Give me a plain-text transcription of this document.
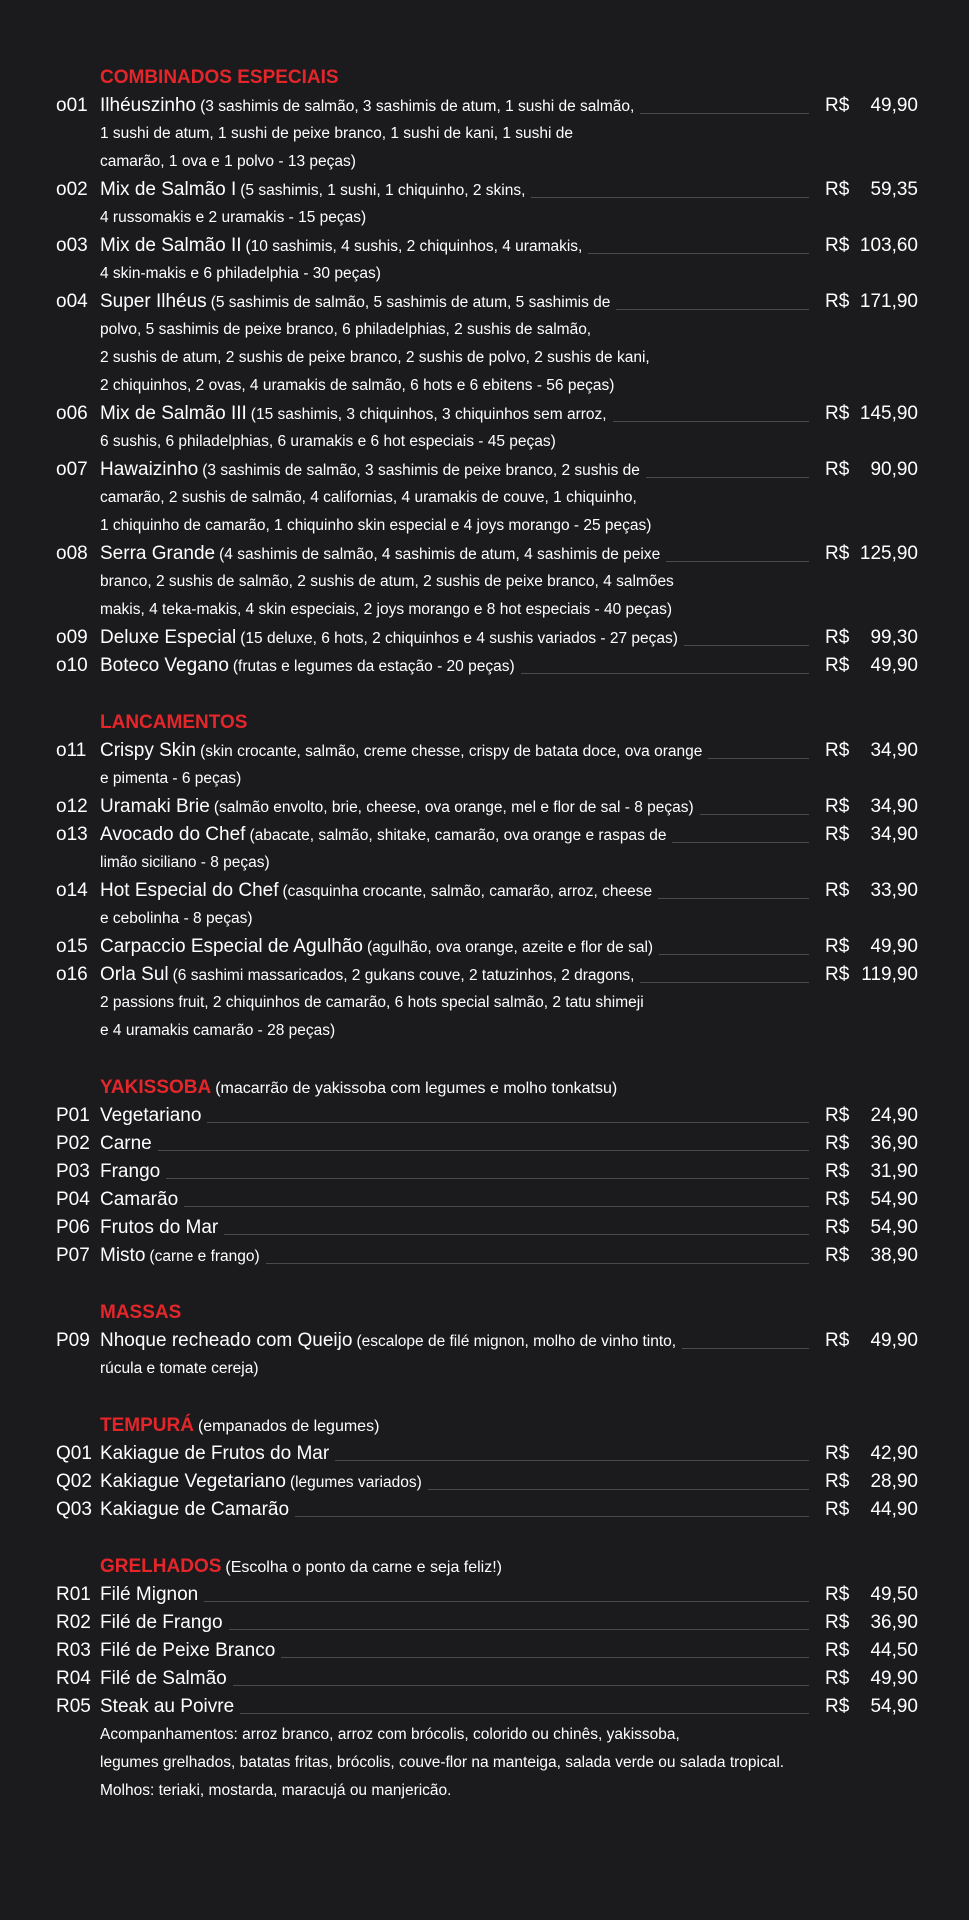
COMBINADOS ESPECIAIS
o01 Ilhéuszinho (3 sashimis de salmão, 3 sashimis de atum, 1 sushi de salmão,	R$ 49,90
1 sushi de atum, 1 sushi de peixe branco, 1 sushi de kani, 1 sushi de
camarão, 1 ova e 1 polvo - 13 peças)
o02 Mix de Salmão I (5 sashimis, 1 sushi, 1 chiquinho, 2 skins,	R$ 59,35
4 russomakis e 2 uramakis - 15 peças)
o03 Mix de Salmão II (10 sashimis, 4 sushis, 2 chiquinhos, 4 uramakis,	R$ 103,60
4 skin-makis e 6 philadelphia - 30 peças)
o04 Super Ilhéus (5 sashimis de salmão, 5 sashimis de atum, 5 sashimis de	R$ 171,90
polvo, 5 sashimis de peixe branco, 6 philadelphias, 2 sushis de salmão,
2 sushis de atum, 2 sushis de peixe branco, 2 sushis de polvo, 2 sushis de kani,
2 chiquinhos, 2 ovas, 4 uramakis de salmão, 6 hots e 6 ebitens - 56 peças)
o06 Mix de Salmão III (15 sashimis, 3 chiquinhos, 3 chiquinhos sem arroz,	R$ 145,90
6 sushis, 6 philadelphias, 6 uramakis e 6 hot especiais - 45 peças)
o07 Hawaizinho (3 sashimis de salmão, 3 sashimis de peixe branco, 2 sushis de	R$ 90,90
camarão, 2 sushis de salmão, 4 californias, 4 uramakis de couve, 1 chiquinho,
1 chiquinho de camarão, 1 chiquinho skin especial e 4 joys morango - 25 peças)
o08 Serra Grande (4 sashimis de salmão, 4 sashimis de atum, 4 sashimis de peixe	R$ 125,90
branco, 2 sushis de salmão, 2 sushis de atum, 2 sushis de peixe branco, 4 salmões
makis, 4 teka-makis, 4 skin especiais, 2 joys morango e 8 hot especiais - 40 peças)
o09 Deluxe Especial (15 deluxe, 6 hots, 2 chiquinhos e 4 sushis variados - 27 peças)	R$ 99,30
o10 Boteco Vegano (frutas e legumes da estação - 20 peças)	R$ 49,90
LANCAMENTOS
o11 Crispy Skin (skin crocante, salmão, creme chesse, crispy de batata doce, ova orange	R$ 34,90
e pimenta - 6 peças)
o12 Uramaki Brie (salmão envolto, brie, cheese, ova orange, mel e flor de sal - 8 peças)	R$ 34,90
o13 Avocado do Chef (abacate, salmão, shitake, camarão, ova orange e raspas de	R$ 34,90
limão siciliano - 8 peças)
o14 Hot Especial do Chef (casquinha crocante, salmão, camarão, arroz, cheese	R$ 33,90
e cebolinha - 8 peças)
o15 Carpaccio Especial de Agulhão (agulhão, ova orange, azeite e flor de sal)	R$ 49,90
o16 Orla Sul (6 sashimi massaricados, 2 gukans couve, 2 tatuzinhos, 2 dragons,	R$ 119,90
2 passions fruit, 2 chiquinhos de camarão, 6 hots special salmão, 2 tatu shimeji
e 4 uramakis camarão - 28 peças)
YAKISSOBA (macarrão de yakissoba com legumes e molho tonkatsu)
P01 Vegetariano	R$ 24,90
P02 Carne	R$ 36,90
P03 Frango	R$ 31,90
P04 Camarão	R$ 54,90
P06 Frutos do Mar	R$ 54,90
P07 Misto (carne e frango)	R$ 38,90
MASSAS
P09 Nhoque recheado com Queijo (escalope de filé mignon, molho de vinho tinto,	R$ 49,90
rúcula e tomate cereja)
TEMPURÁ (empanados de legumes)
Q01 Kakiague de Frutos do Mar	R$ 42,90
Q02 Kakiague Vegetariano (legumes variados)	R$ 28,90
Q03 Kakiague de Camarão	R$ 44,90
GRELHADOS (Escolha o ponto da carne e seja feliz!)
R01 Filé Mignon	R$ 49,50
R02 Filé de Frango	R$ 36,90
R03 Filé de Peixe Branco	R$ 44,50
R04 Filé de Salmão	R$ 49,90
R05 Steak au Poivre	R$ 54,90
Acompanhamentos: arroz branco, arroz com brócolis, colorido ou chinês, yakissoba,
legumes grelhados, batatas fritas, brócolis, couve-flor na manteiga, salada verde ou salada tropical.
Molhos: teriaki, mostarda, maracujá ou manjericão.
